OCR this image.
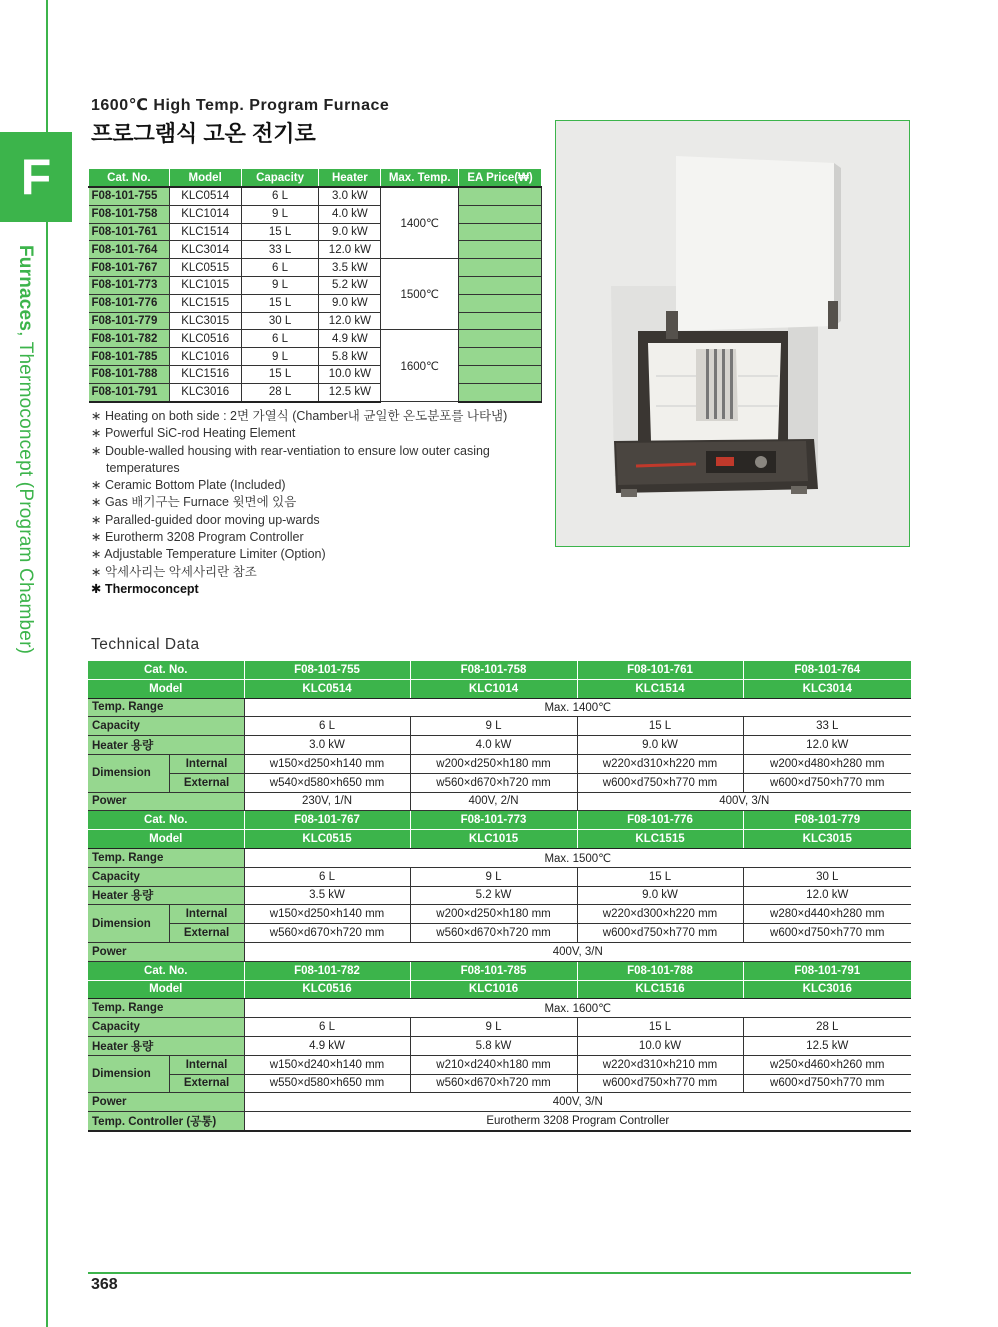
F
Furnaces, Thermoconcept (Program Chamber)
1600℃ High Temp. Program Furnace
프로그램식 고온 전기로
Cat. No.	Model	Capacity	Heater	Max. Temp.	EA Price(₩)
F08-101-755	KLC0514	6 L	3.0 kW	1400℃	
F08-101-758	KLC1014	9 L	4.0 kW		
F08-101-761	KLC1514	15 L	9.0 kW		
F08-101-764	KLC3014	33 L	12.0 kW		
F08-101-767	KLC0515	6 L	3.5 kW	1500℃	
F08-101-773	KLC1015	9 L	5.2 kW		
F08-101-776	KLC1515	15 L	9.0 kW		
F08-101-779	KLC3015	30 L	12.0 kW		
F08-101-782	KLC0516	6 L	4.9 kW	1600℃	
F08-101-785	KLC1016	9 L	5.8 kW		
F08-101-788	KLC1516	15 L	10.0 kW		
F08-101-791	KLC3016	28 L	12.5 kW		
∗ Heating on both side : 2면 가열식 (Chamber내 균일한 온도분포를 나타냄)
∗ Powerful SiC-rod Heating Element
∗ Double-walled housing with rear-ventiation to ensure low outer casing temperatures
∗ Ceramic Bottom Plate (Included)
∗ Gas 배기구는 Furnace 윗면에 있음
∗ Paralled-guided door moving up-wards
∗ Eurotherm 3208 Program Controller
∗ Adjustable Temperature Limiter (Option)
∗ 악세사리는 악세사리란 참조
✱ Thermoconcept
Technical Data
Cat. No.		F08-101-755	F08-101-758	F08-101-761	F08-101-764
Model		KLC0514	KLC1014	KLC1514	KLC3014
Temp. Range		Max. 1400℃			
Capacity		6 L	9 L	15 L	33 L
Heater 용량		3.0 kW	4.0 kW	9.0 kW	12.0 kW
Dimension	Internal	w150×d250×h140 mm	w200×d250×h180 mm	w220×d310×h220 mm	w200×d480×h280 mm
	External	w540×d580×h650 mm	w560×d670×h720 mm	w600×d750×h770 mm	w600×d750×h770 mm
Power		230V, 1/N	400V, 2/N	400V, 3/N	
Cat. No.		F08-101-767	F08-101-773	F08-101-776	F08-101-779
Model		KLC0515	KLC1015	KLC1515	KLC3015
Temp. Range		Max. 1500℃			
Capacity		6 L	9 L	15 L	30 L
Heater 용량		3.5 kW	5.2 kW	9.0 kW	12.0 kW
Dimension	Internal	w150×d250×h140 mm	w200×d250×h180 mm	w220×d300×h220 mm	w280×d440×h280 mm
	External	w560×d670×h720 mm	w560×d670×h720 mm	w600×d750×h770 mm	w600×d750×h770 mm
Power		400V, 3/N			
Cat. No.		F08-101-782	F08-101-785	F08-101-788	F08-101-791
Model		KLC0516	KLC1016	KLC1516	KLC3016
Temp. Range		Max. 1600℃			
Capacity		6 L	9 L	15 L	28 L
Heater 용량		4.9 kW	5.8 kW	10.0 kW	12.5 kW
Dimension	Internal	w150×d240×h140 mm	w210×d240×h180 mm	w220×d310×h210 mm	w250×d460×h260 mm
	External	w550×d580×h650 mm	w560×d670×h720 mm	w600×d750×h770 mm	w600×d750×h770 mm
Power		400V, 3/N			
Temp. Controller (공통)		Eurotherm 3208 Program Controller			
368
